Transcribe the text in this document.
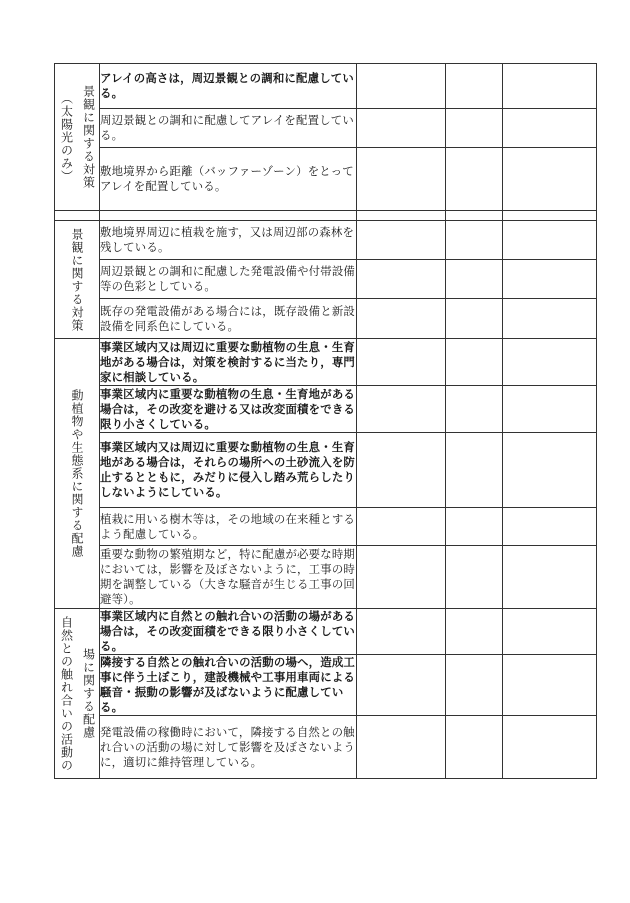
（太陽光のみ） 景観に関する対策	アレイの高さは，周辺景観との調和に配慮している。			
	周辺景観との調和に配慮してアレイを配置している。			
	敷地境界から距離（バッファーゾーン）をとってアレイを配置している。			

景観に関する対策	敷地境界周辺に植栽を施す，又は周辺部の森林を残している。			
	周辺景観との調和に配慮した発電設備や付帯設備等の色彩としている。			
	既存の発電設備がある場合には，既存設備と新設設備を同系色にしている。			

動植物や生態系に関する配慮	事業区域内又は周辺に重要な動植物の生息・生育地がある場合は，対策を検討するに当たり，専門家に相談している。			
	事業区域内に重要な動植物の生息・生育地がある場合は，その改変を避ける又は改変面積をできる限り小さくしている。			
	事業区域内又は周辺に重要な動植物の生息・生育地がある場合は，それらの場所への土砂流入を防止するとともに，みだりに侵入し踏み荒らしたりしないようにしている。			
	植栽に用いる樹木等は，その地域の在来種とするよう配慮している。			
	重要な動物の繁殖期など，特に配慮が必要な時期においては，影響を及ぼさないように，工事の時期を調整している（大きな騒音が生じる工事の回避等）。			

自然との触れ合いの活動の 場に関する配慮	事業区域内に自然との触れ合いの活動の場がある場合は，その改変面積をできる限り小さくしている。			
	隣接する自然との触れ合いの活動の場へ，造成工事に伴う土ぼこり，建設機械や工事用車両による騒音・振動の影響が及ばないように配慮している。			
	発電設備の稼働時において，隣接する自然との触れ合いの活動の場に対して影響を及ぼさないように，適切に維持管理している。			
